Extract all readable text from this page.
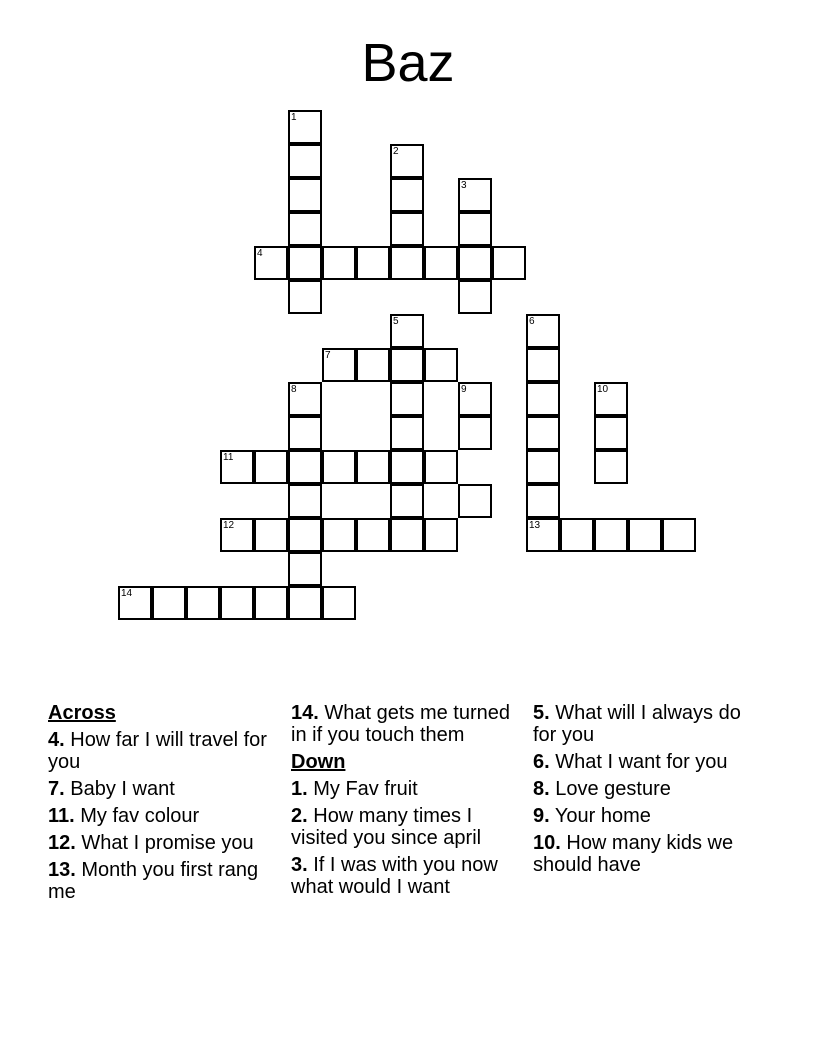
Baz
1
2
3
4
5	6
7
8	9	10
11
12	13
14
Across
4. How far I will travel for you
7. Baby I want
11. My fav colour
12. What I promise you
13. Month you first rang me
14. What gets me turned in if you touch them
Down
1. My Fav fruit
2. How many times I visited you since april
3. If I was with you now what would I want
5. What will I always do for you
6. What I want for you
8. Love gesture
9. Your home
10. How many kids we should have
